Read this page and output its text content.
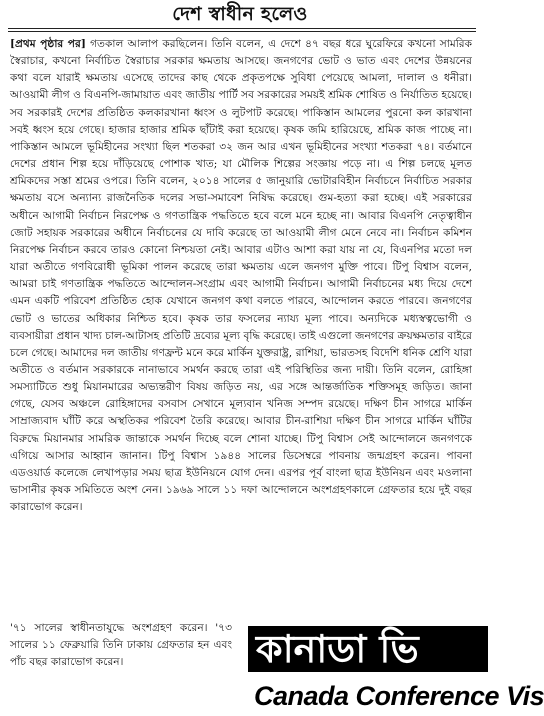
দেশ স্বাধীন হলেও

[প্রথম পৃষ্ঠার পর] গতকাল আলাপ করছিলেন। তিনি বলেন, এ দেশে ৪৭ বছর ধরে ঘুরেফিরে কখনো সামরিক স্বৈরাচার, কখনো নির্বাচিত স্বৈরাচার সরকার ক্ষমতায় আসছে। জনগণের ভোট ও ভাত এবং দেশের উন্নয়নের কথা বলে যারাই ক্ষমতায় এসেছে তাদের কাছ থেকে প্রকৃতপক্ষে সুবিধা পেয়েছে আমলা, দালাল ও ধনীরা। আওয়ামী লীগ ও বিএনপি-জামায়াত এবং জাতীয় পার্টি সব সরকারের সময়ই শ্রমিক শোষিত ও নির্যাতিত হয়েছে। সব সরকারই দেশের প্রতিষ্ঠিত কলকারখানা ধ্বংস ও লুটপাট করেছে। পাকিস্তান আমলের পুরনো কল কারখানা সবই ধ্বংস হয়ে গেছে। হাজার হাজার শ্রমিক ছাঁটাই করা হয়েছে। কৃষক জমি হারিয়েছে, শ্রমিক কাজ পাচ্ছে না। পাকিস্তান আমলে ভূমিহীনের সংখ্যা ছিল শতকরা ৩২ জন আর এখন ভূমিহীনের সংখ্যা শতকরা ৭৪। বর্তমানে দেশের প্রধান শিল্প হয়ে দাঁড়িয়েছে পোশাক খাত; যা মৌলিক শিল্পের সংজ্ঞায় পড়ে না। এ শিল্প চলছে মূলত শ্রমিকদের সস্তা শ্রমের ওপরে। তিনি বলেন, ২০১৪ সালের ৫ জানুয়ারি ভোটারবিহীন নির্বাচনে নির্বাচিত সরকার ক্ষমতায় বসে অন্যান্য রাজনৈতিক দলের সভা-সমাবেশ নিষিদ্ধ করেছে। গুম-হত্যা করা হচ্ছে। এই সরকারের অধীনে আগামী নির্বাচন নিরপেক্ষ ও গণতান্ত্রিক পদ্ধতিতে হবে বলে মনে হচ্ছে না। আবার বিএনপি নেতৃত্বাধীন জোট সহায়ক সরকারের অধীনে নির্বাচনের যে দাবি করেছে তা আওয়ামী লীগ মেনে নেবে না। নির্বাচন কমিশন নিরপেক্ষ নির্বাচন করবে তারও কোনো নিশ্চয়তা নেই। আবার এটাও আশা করা যায় না যে, বিএনপির মতো দল যারা অতীতে গণবিরোধী ভূমিকা পালন করেছে তারা ক্ষমতায় এলে জনগণ মুক্তি পাবে। টিপু বিশ্বাস বলেন, আমরা চাই গণতান্ত্রিক পদ্ধতিতে আন্দোলন-সংগ্রাম এবং আগামী নির্বাচন। আগামী নির্বাচনের মধ্য দিয়ে দেশে এমন একটি পরিবেশ প্রতিষ্ঠিত হোক যেখানে জনগণ কথা বলতে পারবে, আন্দোলন করতে পারবে। জনগণের ভোট ও ভাতের অধিকার নিশ্চিত হবে। কৃষক তার ফসলের ন্যায্য মূল্য পাবে। অন্যদিকে মধ্যস্বত্বভোগী ও ব্যবসায়ীরা প্রধান খাদ্য চাল-আটাসহ প্রতিটি দ্রব্যের মূল্য বৃদ্ধি করেছে। তাই এগুলো জনগণের ক্রয়ক্ষমতার বাইরে চলে গেছে। আমাদের দল জাতীয় গণফ্রন্ট মনে করে মার্কিন যুক্তরাষ্ট্র, রাশিয়া, ভারতসহ বিদেশি ধনিক শ্রেণি যারা অতীতে ও বর্তমান সরকারকে নানাভাবে সমর্থন করছে তারা এই পরিস্থিতির জন্য দায়ী। তিনি বলেন, রোহিঙ্গা সমস্যাটিতে শুধু মিয়ানমারের অভ্যন্তরীণ বিষয় জড়িত নয়, এর সঙ্গে আন্তর্জাতিক শক্তিসমূহ জড়িত। জানা গেছে, যেসব অঞ্চলে রোহিঙ্গাদের বসবাস সেখানে মূল্যবান খনিজ সম্পদ রয়েছে। দক্ষিণ চীন সাগরে মার্কিন সাম্রাজ্যবাদ ঘাঁটি করে অস্থতিকর পরিবেশ তৈরি করেছে। আবার চীন-রাশিয়া দক্ষিণ চীন সাগরে মার্কিন ঘাঁটির বিরুদ্ধে মিয়ানমার সামরিক জান্তাকে সমর্থন দিচ্ছে বলে শোনা যাচ্ছে। টিপু বিশ্বাস সেই আন্দোলনে জনগণকে এগিয়ে আসার আহ্বান জানান। টিপু বিশ্বাস ১৯৪৪ সালের ডিসেম্বরে পাবনায় জন্মগ্রহণ করেন। পাবনা এডওয়ার্ড কলেজে লেখাপড়ার সময় ছাত্র ইউনিয়নে যোগ দেন। এরপর পূর্ব বাংলা ছাত্র ইউনিয়ন এবং মওলানা ভাসানীর কৃষক সমিতিতে অংশ নেন। ১৯৬৯ সালে ১১ দফা আন্দোলনে অংশগ্রহণকালে গ্রেফতার হয়ে দুই বছর কারাভোগ করেন।

'৭১ সালের স্বাধীনতাযুদ্ধে অংশগ্রহণ করেন। '৭৩ সালের ১১ ফেব্রুয়ারি তিনি ঢাকায় গ্রেফতার হন এবং পাঁচ বছর কারাভোগ করেন।	কানাডা ভি
Canada Conference Vis
